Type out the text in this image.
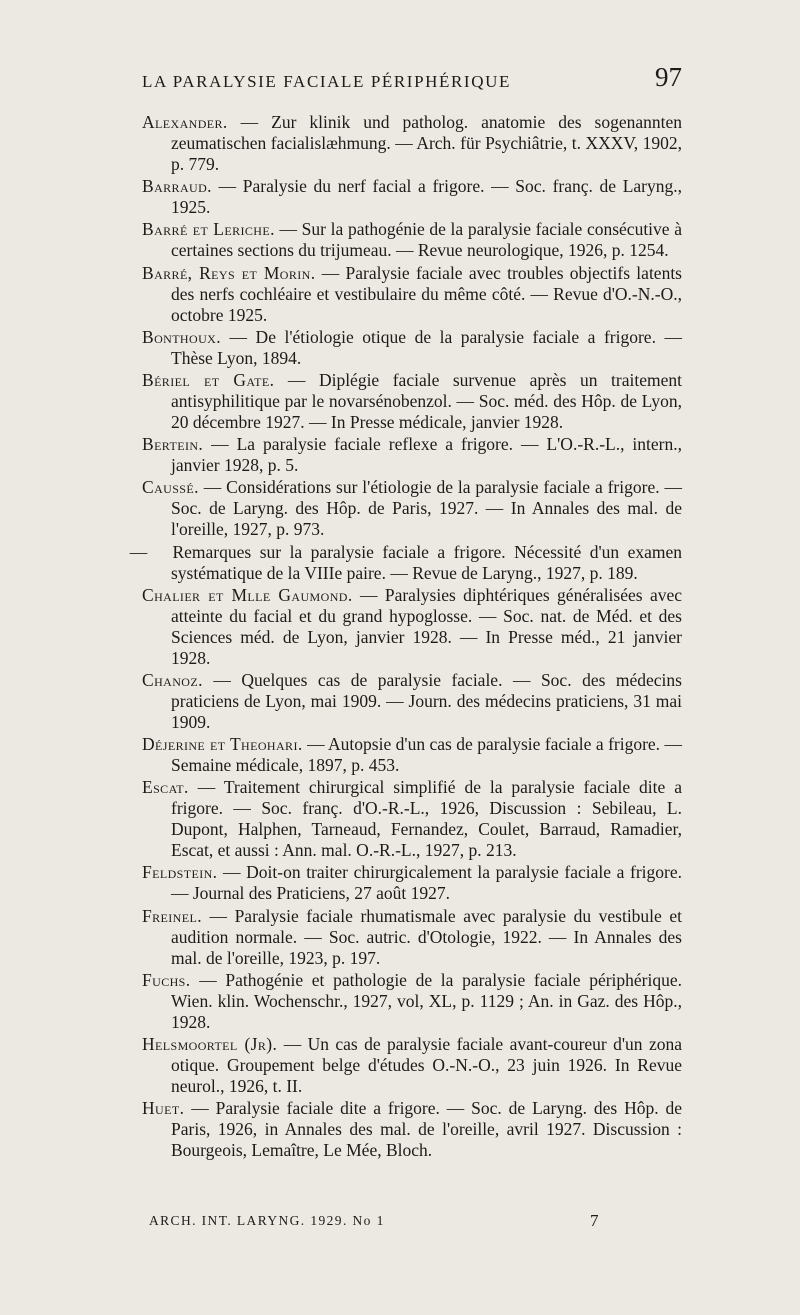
LA PARALYSIE FACIALE PÉRIPHÉRIQUE	97

Alexander. — Zur klinik und patholog. anatomie des sogenannten zeumatischen facialislæhmung. — Arch. für Psychiâtrie, t. XXXV, 1902, p. 779.

Barraud. — Paralysie du nerf facial a frigore. — Soc. franç. de Laryng., 1925.

Barré et Leriche. — Sur la pathogénie de la paralysie faciale consécutive à certaines sections du trijumeau. — Revue neurologique, 1926, p. 1254.

Barré, Reys et Morin. — Paralysie faciale avec troubles objectifs latents des nerfs cochléaire et vestibulaire du même côté. — Revue d'O.-N.-O., octobre 1925.

Bonthoux. — De l'étiologie otique de la paralysie faciale a frigore. — Thèse Lyon, 1894.

Bériel et Gate. — Diplégie faciale survenue après un traitement antisyphilitique par le novarsénobenzol. — Soc. méd. des Hôp. de Lyon, 20 décembre 1927. — In Presse médicale, janvier 1928.

Bertein. — La paralysie faciale reflexe a frigore. — L'O.-R.-L., intern., janvier 1928, p. 5.

Caussé. — Considérations sur l'étiologie de la paralysie faciale a frigore. — Soc. de Laryng. des Hôp. de Paris, 1927. — In Annales des mal. de l'oreille, 1927, p. 973.

— Remarques sur la paralysie faciale a frigore. Nécessité d'un examen systématique de la VIIIe paire. — Revue de Laryng., 1927, p. 189.

Chalier et Mlle Gaumond. — Paralysies diphtériques généralisées avec atteinte du facial et du grand hypoglosse. — Soc. nat. de Méd. et des Sciences méd. de Lyon, janvier 1928. — In Presse méd., 21 janvier 1928.

Chanoz. — Quelques cas de paralysie faciale. — Soc. des médecins praticiens de Lyon, mai 1909. — Journ. des médecins praticiens, 31 mai 1909.

Déjerine et Theohari. — Autopsie d'un cas de paralysie faciale a frigore. — Semaine médicale, 1897, p. 453.

Escat. — Traitement chirurgical simplifié de la paralysie faciale dite a frigore. — Soc. franç. d'O.-R.-L., 1926, Discussion : Sebileau, L. Dupont, Halphen, Tarneaud, Fernandez, Coulet, Barraud, Ramadier, Escat, et aussi : Ann. mal. O.-R.-L., 1927, p. 213.

Feldstein. — Doit-on traiter chirurgicalement la paralysie faciale a frigore. — Journal des Praticiens, 27 août 1927.

Freinel. — Paralysie faciale rhumatismale avec paralysie du vestibule et audition normale. — Soc. autric. d'Otologie, 1922. — In Annales des mal. de l'oreille, 1923, p. 197.

Fuchs. — Pathogénie et pathologie de la paralysie faciale périphérique. Wien. klin. Wochenschr., 1927, vol, XL, p. 1129 ; An. in Gaz. des Hôp., 1928.

Helsmoortel (Jr). — Un cas de paralysie faciale avant-coureur d'un zona otique. Groupement belge d'études O.-N.-O., 23 juin 1926. In Revue neurol., 1926, t. II.

Huet. — Paralysie faciale dite a frigore. — Soc. de Laryng. des Hôp. de Paris, 1926, in Annales des mal. de l'oreille, avril 1927. Discussion : Bourgeois, Lemaître, Le Mée, Bloch.

ARCH. INT. LARYNG. 1929. No 1	7
